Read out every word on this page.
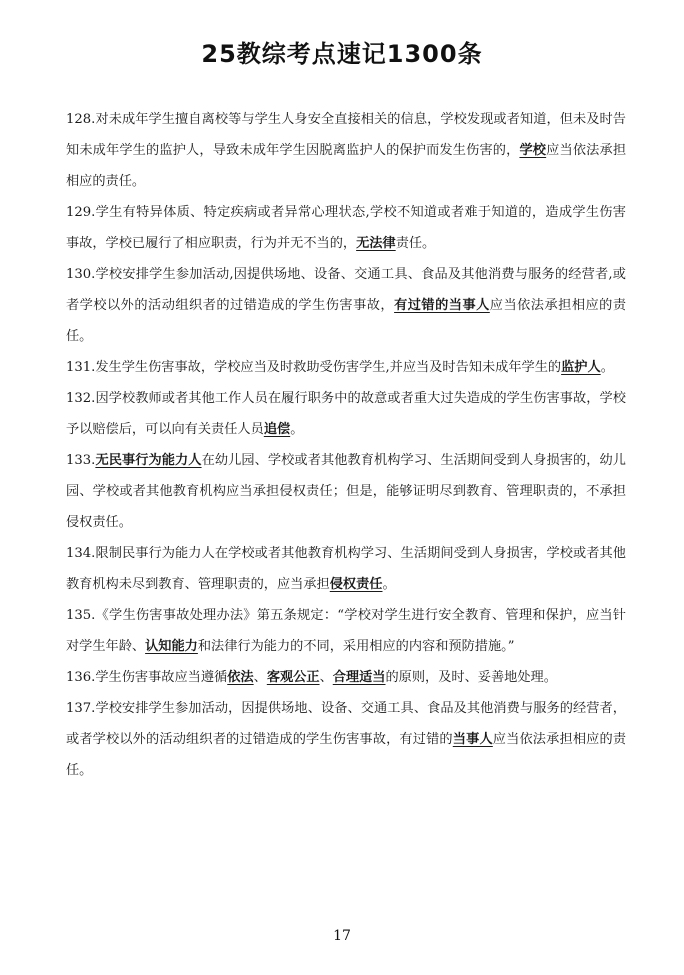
25教综考点速记1300条

128.对未成年学生擅自离校等与学生人身安全直接相关的信息，学校发现或者知道，但未及时告知未成年学生的监护人，导致未成年学生因脱离监护人的保护而发生伤害的，学校应当依法承担相应的责任。

129.学生有特异体质、特定疾病或者异常心理状态,学校不知道或者难于知道的，造成学生伤害事故，学校已履行了相应职责，行为并无不当的，无法律责任。

130.学校安排学生参加活动,因提供场地、设备、交通工具、食品及其他消费与服务的经营者,或者学校以外的活动组织者的过错造成的学生伤害事故，有过错的当事人应当依法承担相应的责任。

131.发生学生伤害事故，学校应当及时救助受伤害学生,并应当及时告知未成年学生的监护人。

132.因学校教师或者其他工作人员在履行职务中的故意或者重大过失造成的学生伤害事故，学校予以赔偿后，可以向有关责任人员追偿。

133.无民事行为能力人在幼儿园、学校或者其他教育机构学习、生活期间受到人身损害的，幼儿园、学校或者其他教育机构应当承担侵权责任；但是，能够证明尽到教育、管理职责的，不承担侵权责任。

134.限制民事行为能力人在学校或者其他教育机构学习、生活期间受到人身损害，学校或者其他教育机构未尽到教育、管理职责的，应当承担侵权责任。

135.《学生伤害事故处理办法》第五条规定：“学校对学生进行安全教育、管理和保护，应当针对学生年龄、认知能力和法律行为能力的不同，采用相应的内容和预防措施。”

136.学生伤害事故应当遵循依法、客观公正、合理适当的原则，及时、妥善地处理。

137.学校安排学生参加活动，因提供场地、设备、交通工具、食品及其他消费与服务的经营者，或者学校以外的活动组织者的过错造成的学生伤害事故，有过错的当事人应当依法承担相应的责任。

17
